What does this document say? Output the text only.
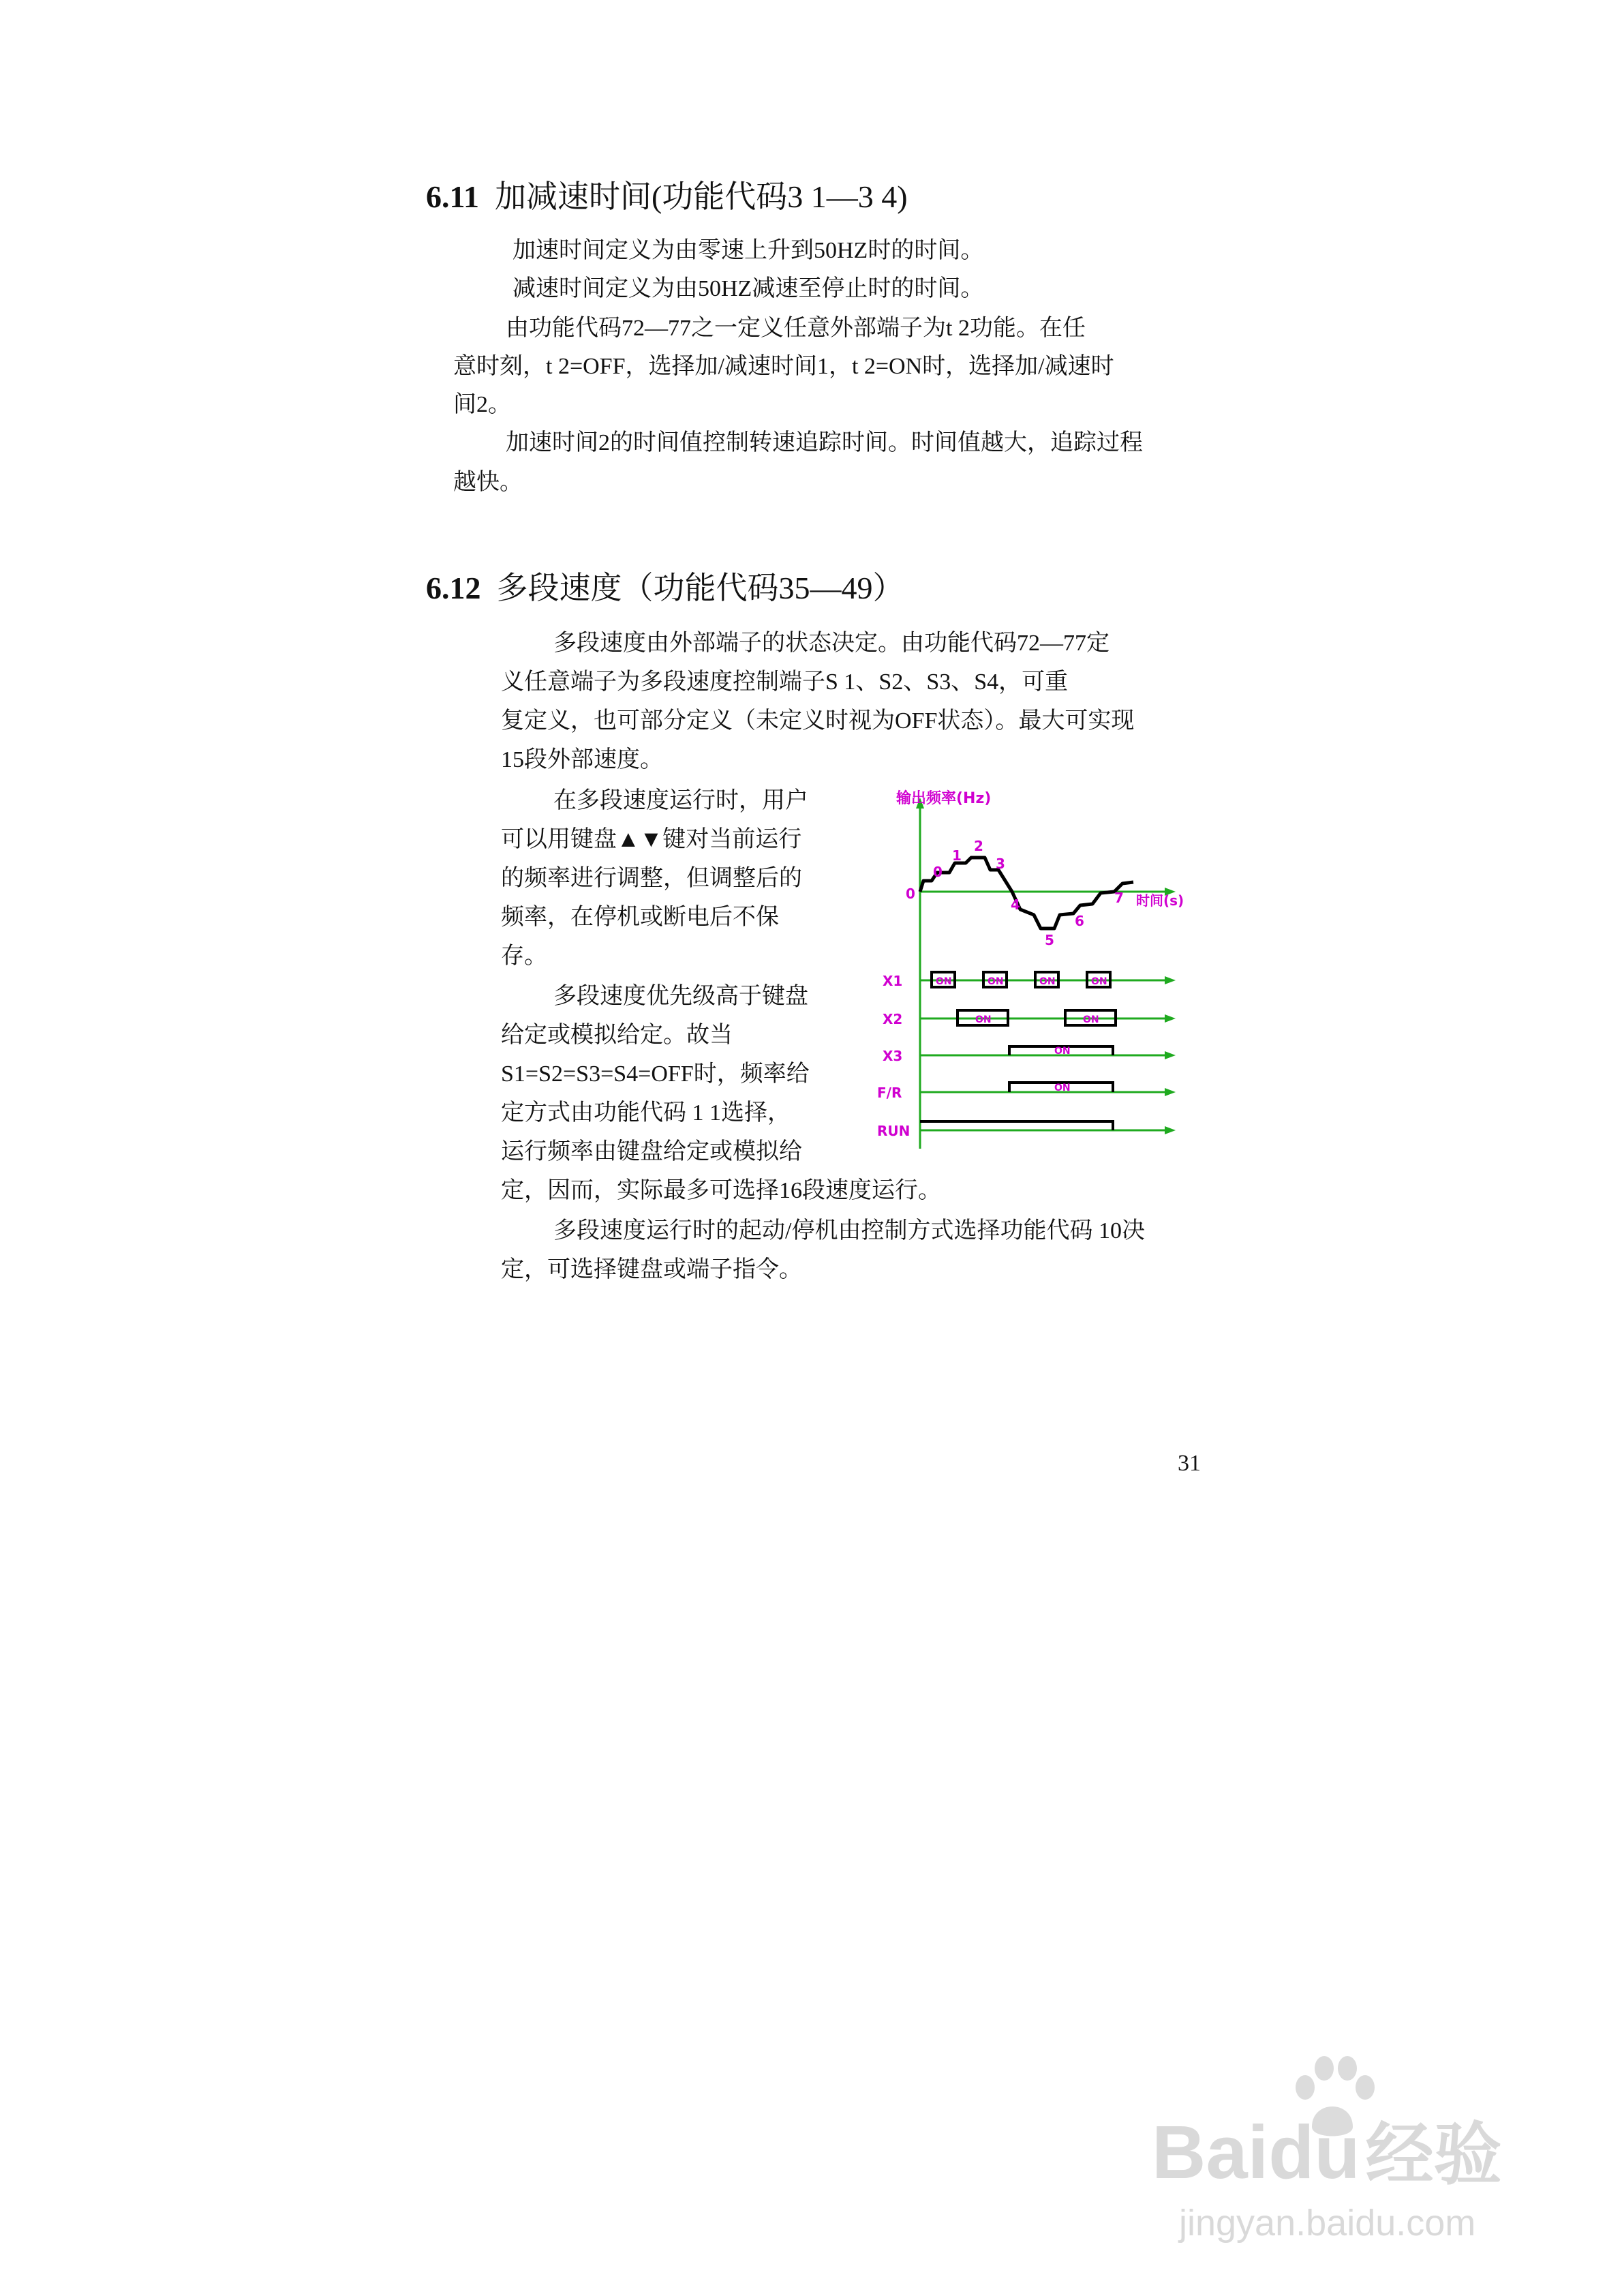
6.11 加减速时间(功能代码3 1—3 4)
加速时间定义为由零速上升到50HZ时的时间。
减速时间定义为由50HZ减速至停止时的时间。
由功能代码72—77之一定义任意外部端子为t 2功能。在任
意时刻，t 2=OFF，选择加/减速时间1，t 2=ON时，选择加/减速时
间2。
加速时间2的时间值控制转速追踪时间。时间值越大，追踪过程
越快。
6.12 多段速度（功能代码35—49）
多段速度由外部端子的状态决定。由功能代码72—77定
义任意端子为多段速度控制端子S 1、S2、S3、S4，可重
复定义，也可部分定义（未定义时视为OFF状态）。最大可实现
15段外部速度。
在多段速度运行时，用户
可以用键盘▲▼键对当前运行
的频率进行调整，但调整后的
频率，在停机或断电后不保
存。
多段速度优先级高于键盘
给定或模拟给定。故当
S1=S2=S3=S4=OFF时，频率给
定方式由功能代码 1 1选择，
运行频率由键盘给定或模拟给
定，因而，实际最多可选择16段速度运行。
多段速度运行时的起动/停机由控制方式选择功能代码 10决
定，可选择键盘或端子指令。
输出频率(Hz)
时间(s)
0
0
1
2
3
4
5
6
7
X1
X2
X3
F/R
RUN
ON	ON	ON	ON
ON	ON
ON
ON
31
Baidu经验
jingyan.baidu.com
